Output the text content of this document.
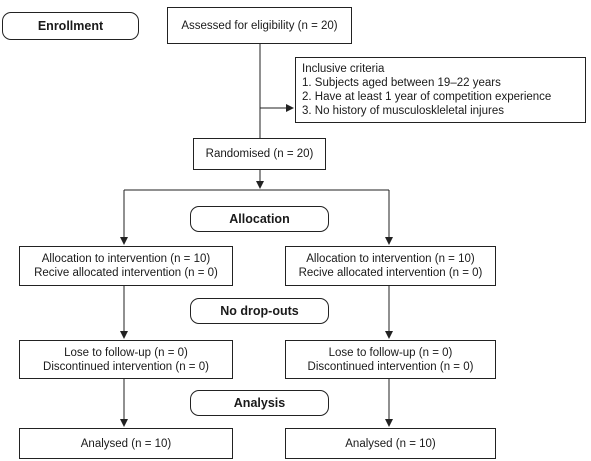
Enrollment
Allocation
No drop-outs
Analysis
Assessed for eligibility (n = 20)
Inclusive criteria
1. Subjects aged between 19–22 years
2. Have at least 1 year of competition experience
3. No history of musculoskleletal injures
Randomised (n = 20)
Allocation to intervention (n = 10)
Recive allocated intervention (n = 0)
Lose to follow-up (n = 0)
Discontinued intervention (n = 0)
Analysed (n = 10)
Allocation to intervention (n = 10)
Recive allocated intervention (n = 0)
Lose to follow-up (n = 0)
Discontinued intervention (n = 0)
Analysed (n = 10)
